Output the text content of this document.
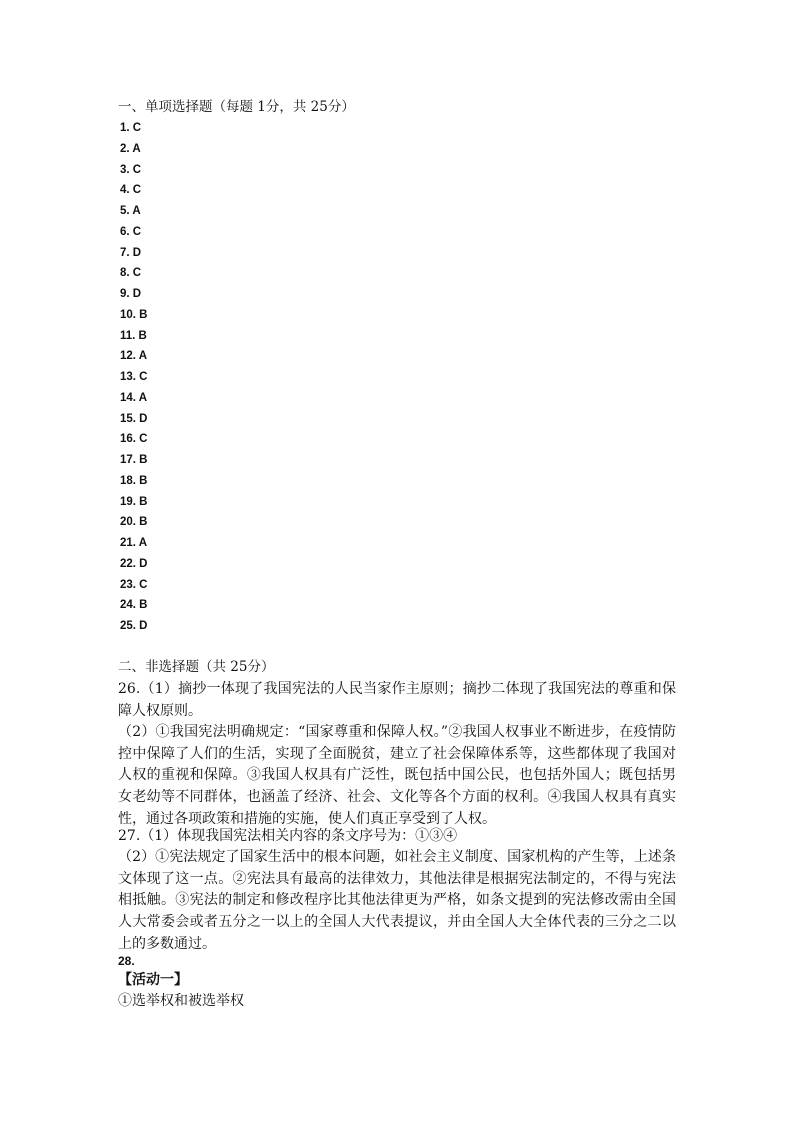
一、单项选择题（每题 1分，共 25分）
1. C
2. A
3. C
4. C
5. A
6. C
7. D
8. C
9. D
10. B
11. B
12. A
13. C
14. A
15. D
16. C
17. B
18. B
19. B
20. B
21. A
22. D
23. C
24. B
25. D
二、非选择题（共 25分）

26.（1）摘抄一体现了我国宪法的人民当家作主原则；摘抄二体现了我国宪法的尊重和保障人权原则。

（2）①我国宪法明确规定：“国家尊重和保障人权。”②我国人权事业不断进步，在疫情防控中保障了人们的生活，实现了全面脱贫，建立了社会保障体系等，这些都体现了我国对人权的重视和保障。③我国人权具有广泛性，既包括中国公民，也包括外国人；既包括男女老幼等不同群体，也涵盖了经济、社会、文化等各个方面的权利。④我国人权具有真实性，通过各项政策和措施的实施，使人们真正享受到了人权。

27.（1）体现我国宪法相关内容的条文序号为：①③④

（2）①宪法规定了国家生活中的根本问题，如社会主义制度、国家机构的产生等，上述条文体现了这一点。②宪法具有最高的法律效力，其他法律是根据宪法制定的，不得与宪法相抵触。③宪法的制定和修改程序比其他法律更为严格，如条文提到的宪法修改需由全国人大常委会或者五分之一以上的全国人大代表提议，并由全国人大全体代表的三分之二以上的多数通过。

28.

【活动一】

①选举权和被选举权
